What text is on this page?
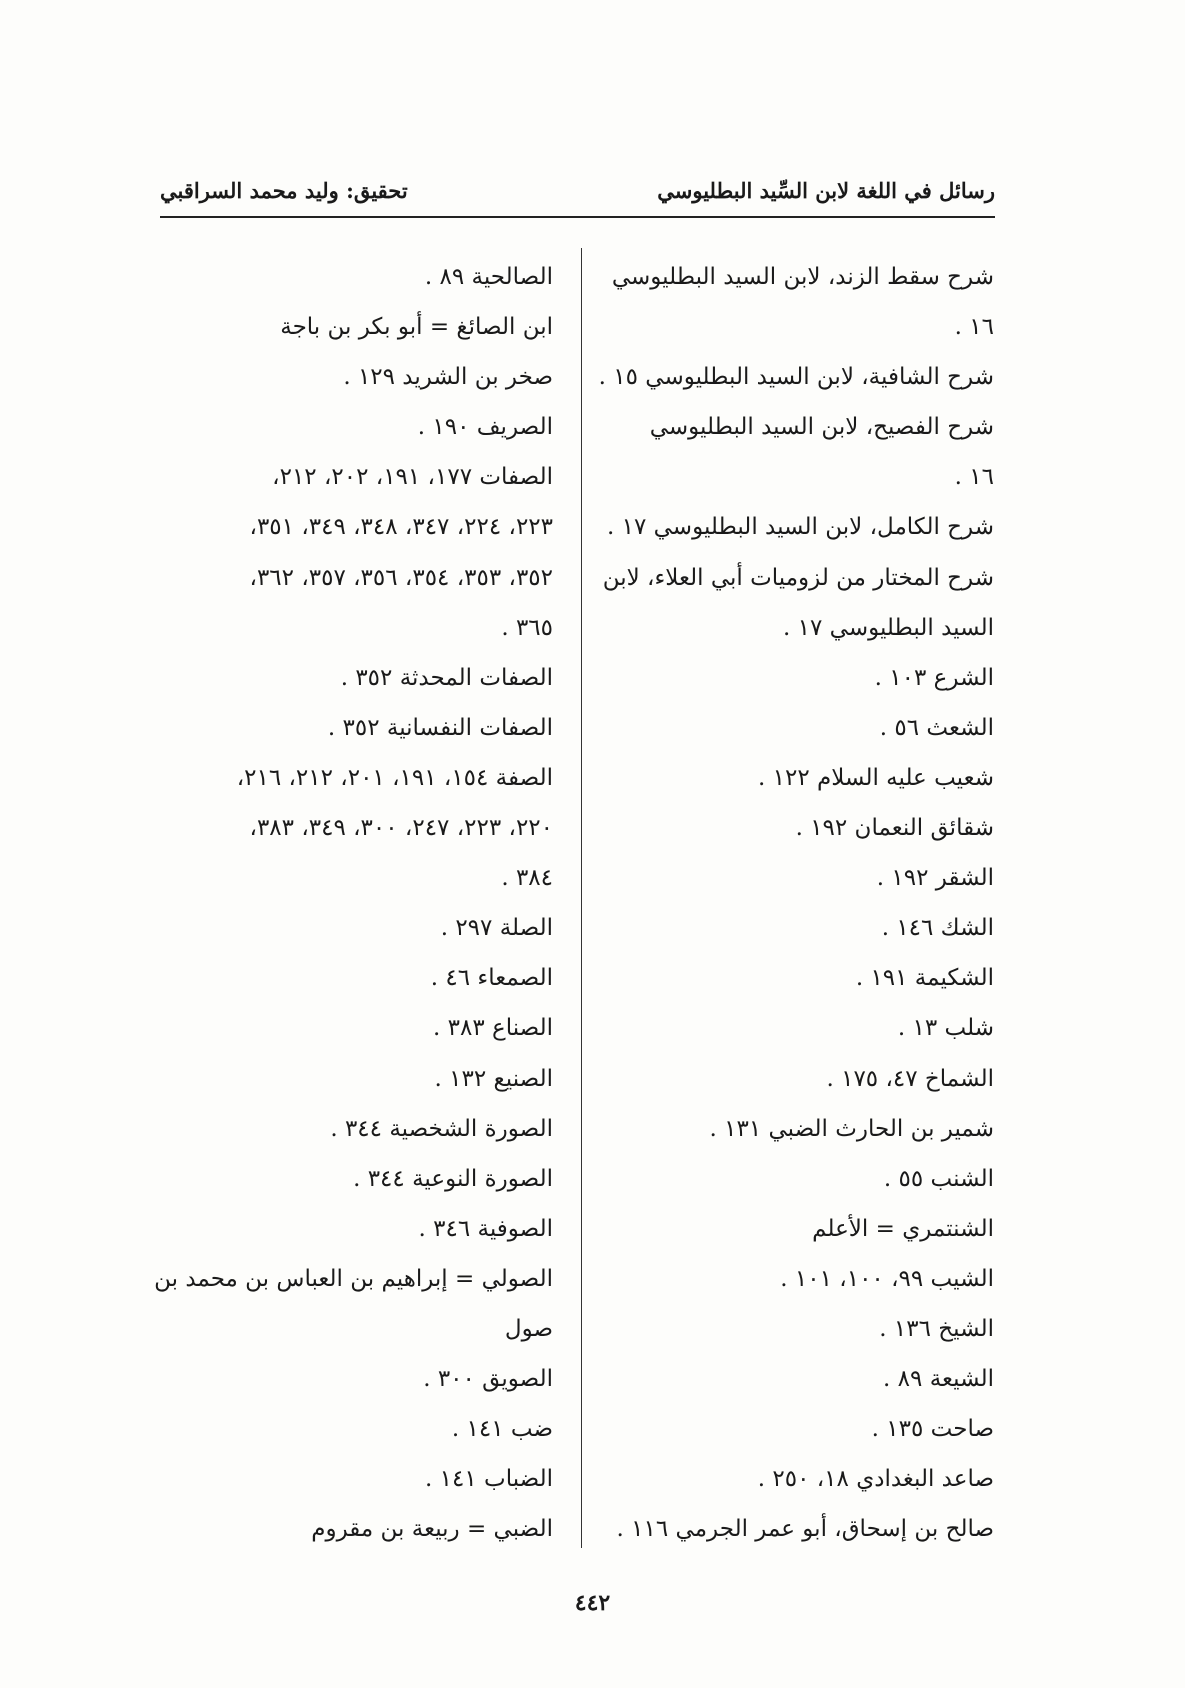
رسائل في اللغة لابن السِّيد البطليوسي
تحقيق: وليد محمد السراقبي
شرح سقط الزند، لابن السيد البطليوسي
١٦ .
شرح الشافية، لابن السيد البطليوسي ١٥ .
شرح الفصيح، لابن السيد البطليوسي
١٦ .
شرح الكامل، لابن السيد البطليوسي ١٧ .
شرح المختار من لزوميات أبي العلاء، لابن
السيد البطليوسي ١٧ .
الشرع ١٠٣ .
الشعث ٥٦ .
شعيب عليه السلام ١٢٢ .
شقائق النعمان ١٩٢ .
الشقر ١٩٢ .
الشك ١٤٦ .
الشكيمة ١٩١ .
شلب ١٣ .
الشماخ ٤٧، ١٧٥ .
شمير بن الحارث الضبي ١٣١ .
الشنب ٥٥ .
الشنتمري = الأعلم
الشيب ٩٩، ١٠٠، ١٠١ .
الشيخ ١٣٦ .
الشيعة ٨٩ .
صاحت ١٣٥ .
صاعد البغدادي ١٨، ٢٥٠ .
صالح بن إسحاق، أبو عمر الجرمي ١١٦ .
الصالحية ٨٩ .
ابن الصائغ = أبو بكر بن باجة
صخر بن الشريد ١٢٩ .
الصريف ١٩٠ .
الصفات ١٧٧، ١٩١، ٢٠٢، ٢١٢،
٢٢٣، ٢٢٤، ٣٤٧، ٣٤٨، ٣٤٩، ٣٥١،
٣٥٢، ٣٥٣، ٣٥٤، ٣٥٦، ٣٥٧، ٣٦٢،
٣٦٥ .
الصفات المحدثة ٣٥٢ .
الصفات النفسانية ٣٥٢ .
الصفة ١٥٤، ١٩١، ٢٠١، ٢١٢، ٢١٦،
٢٢٠، ٢٢٣، ٢٤٧، ٣٠٠، ٣٤٩، ٣٨٣،
٣٨٤ .
الصلة ٢٩٧ .
الصمعاء ٤٦ .
الصناع ٣٨٣ .
الصنيع ١٣٢ .
الصورة الشخصية ٣٤٤ .
الصورة النوعية ٣٤٤ .
الصوفية ٣٤٦ .
الصولي = إبراهيم بن العباس بن محمد بن
صول
الصويق ٣٠٠ .
ضب ١٤١ .
الضباب ١٤١ .
الضبي = ربيعة بن مقروم
٤٤٢
